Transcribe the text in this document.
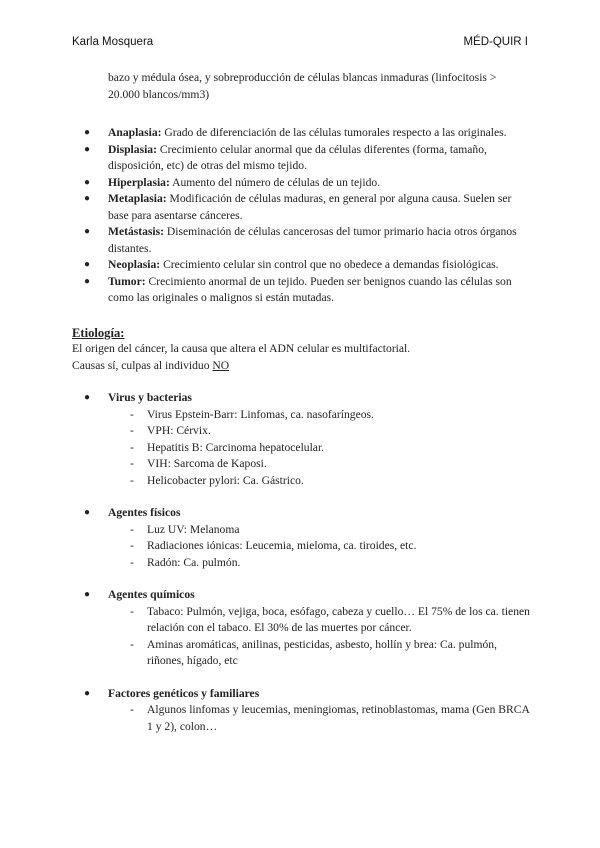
Karla Mosquera	MÉD-QUIR I
bazo y médula ósea, y sobreproducción de células blancas inmaduras (linfocitosis > 20.000 blancos/mm3)
● Anaplasia: Grado de diferenciación de las células tumorales respecto a las originales.
● Displasia: Crecimiento celular anormal que da células diferentes (forma, tamaño, disposición, etc) de otras del mismo tejido.
● Hiperplasia: Aumento del número de células de un tejido.
● Metaplasia: Modificación de células maduras, en general por alguna causa. Suelen ser base para asentarse cánceres.
● Metástasis: Diseminación de células cancerosas del tumor primario hacia otros órganos distantes.
● Neoplasia: Crecimiento celular sin control que no obedece a demandas fisiológicas.
● Tumor: Crecimiento anormal de un tejido. Pueden ser benignos cuando las células son como las originales o malignos si están mutadas.
Etiología:
El origen del cáncer, la causa que altera el ADN celular es multifactorial.
Causas sí, culpas al individuo NO
● Virus y bacterias
- Virus Epstein-Barr: Linfomas, ca. nasofaríngeos.
- VPH: Cérvix.
- Hepatitis B: Carcinoma hepatocelular.
- VIH: Sarcoma de Kaposi.
- Helicobacter pylori: Ca. Gástrico.
● Agentes físicos
- Luz UV: Melanoma
- Radiaciones iónicas: Leucemia, mieloma, ca. tiroides, etc.
- Radón: Ca. pulmón.
● Agentes químicos
- Tabaco: Pulmón, vejiga, boca, esófago, cabeza y cuello… El 75% de los ca. tienen relación con el tabaco. El 30% de las muertes por cáncer.
- Aminas aromáticas, anilinas, pesticidas, asbesto, hollín y brea: Ca. pulmón, riñones, hígado, etc
● Factores genéticos y familiares
- Algunos linfomas y leucemias, meningiomas, retinoblastomas, mama (Gen BRCA 1 y 2), colon…
